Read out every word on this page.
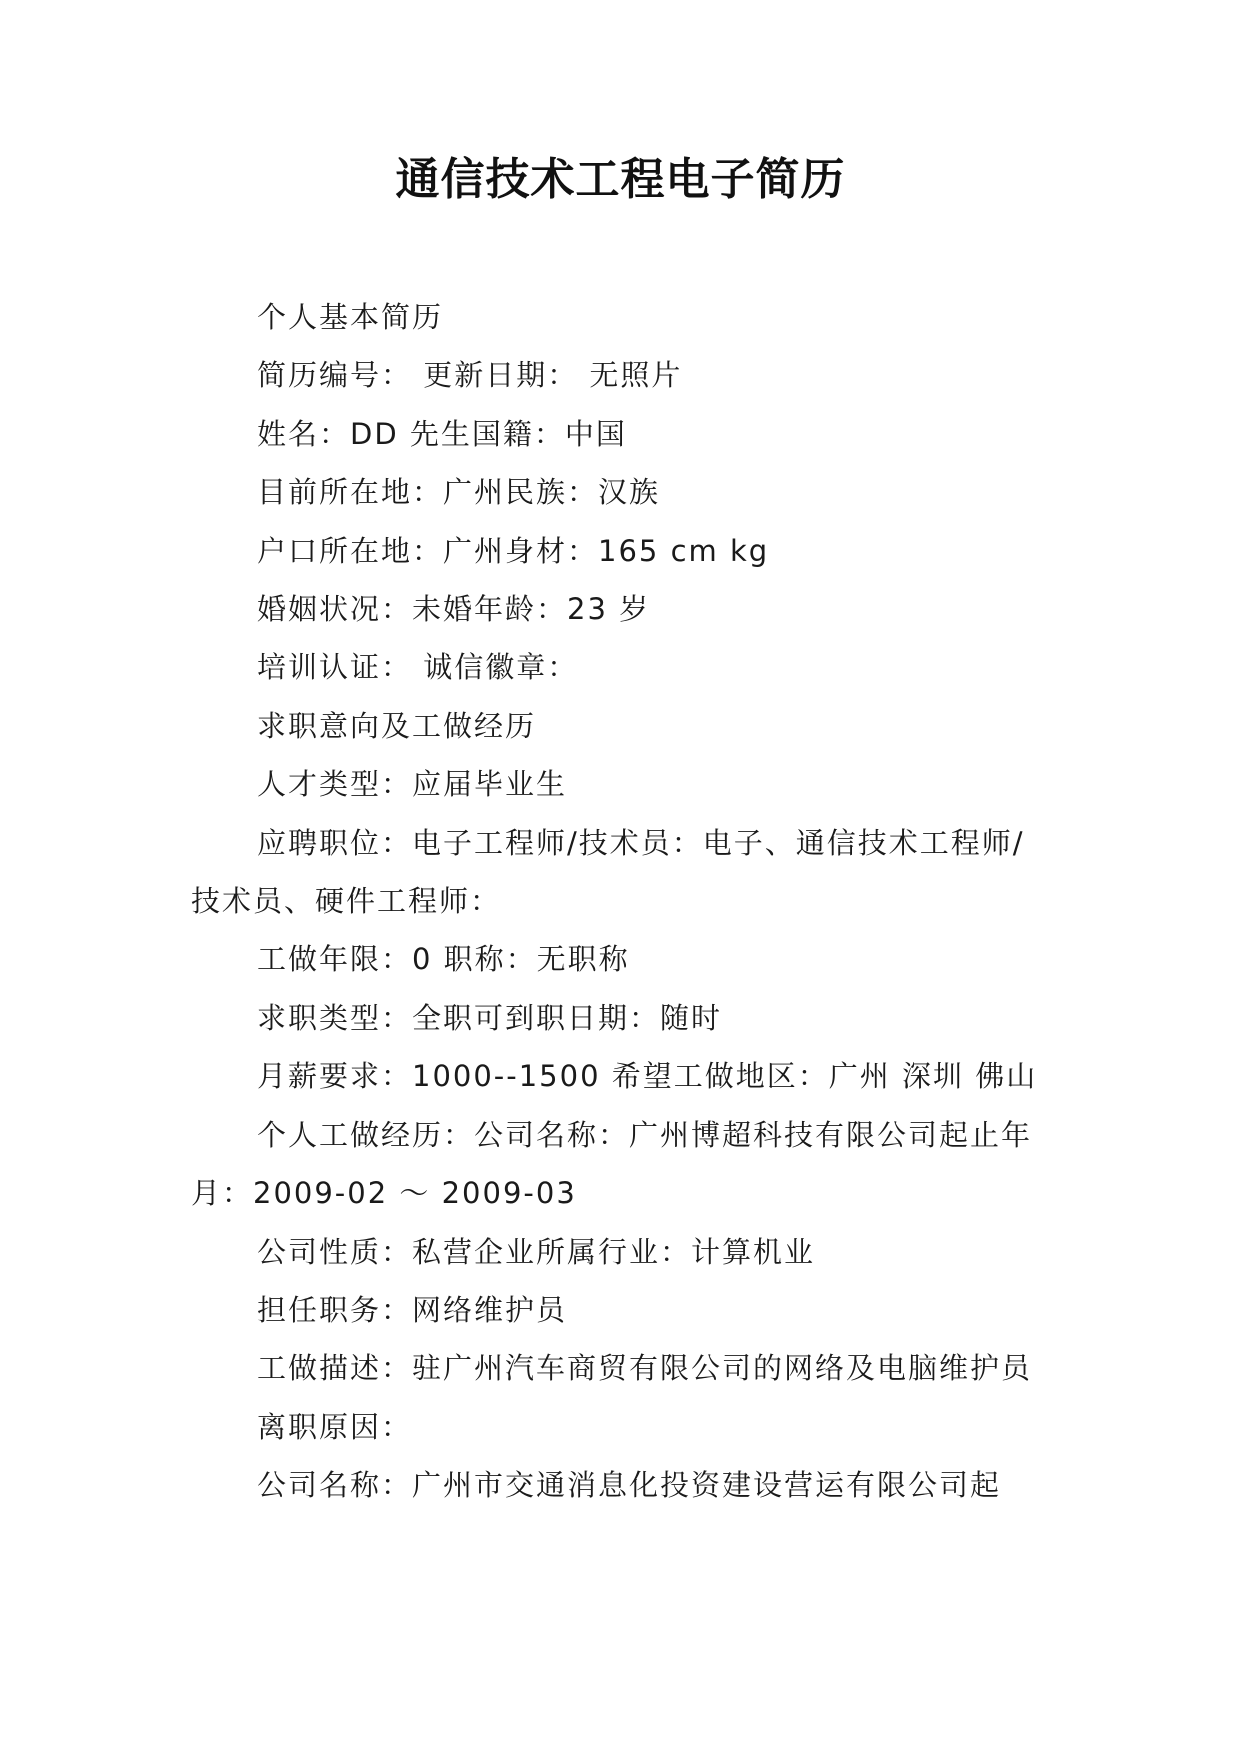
通信技术工程电子简历

个人基本简历

简历编号： 更新日期： 无照片

姓名：DD 先生国籍：中国

目前所在地：广州民族：汉族

户口所在地：广州身材：165 cm kg

婚姻状况：未婚年龄：23 岁

培训认证： 诚信徽章：

求职意向及工做经历

人才类型：应届毕业生

应聘职位：电子工程师/技术员：电子、通信技术工程师/技术员、硬件工程师：

工做年限：0 职称：无职称

求职类型：全职可到职日期：随时

月薪要求：1000--1500 希望工做地区：广州 深圳 佛山

个人工做经历：公司名称：广州博超科技有限公司起止年月：2009-02 ～ 2009-03

公司性质：私营企业所属行业：计算机业

担任职务：网络维护员

工做描述：驻广州汽车商贸有限公司的网络及电脑维护员

离职原因：

公司名称：广州市交通消息化投资建设营运有限公司起
